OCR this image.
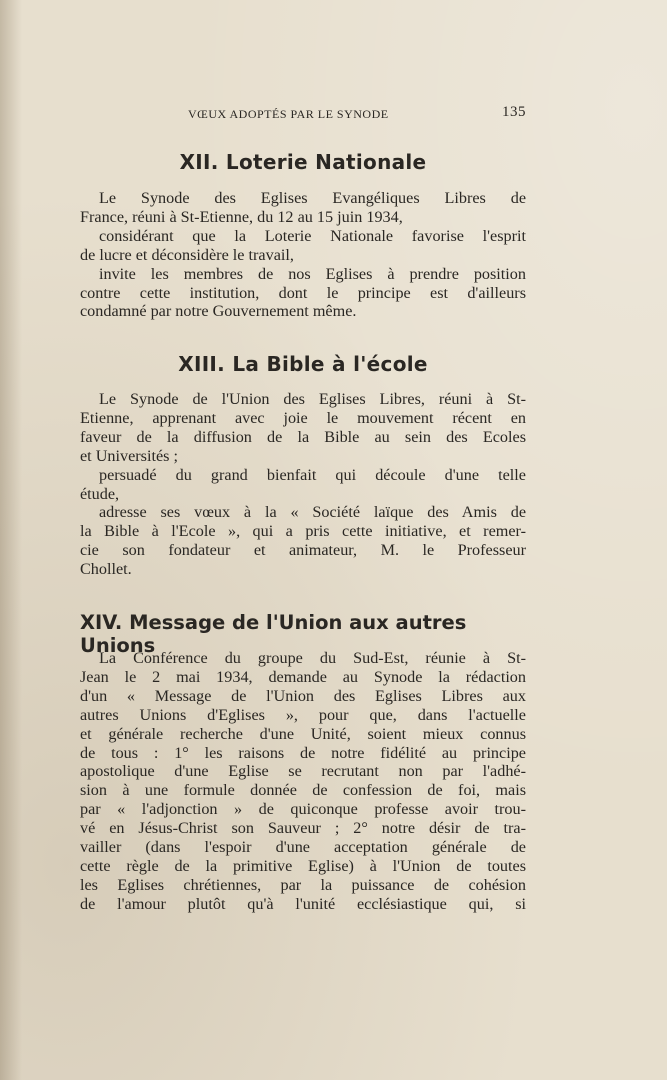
VŒUX ADOPTÉS PAR LE SYNODE	135
XII. Loterie Nationale
Le Synode des Eglises Evangéliques Libres de
France, réuni à St-Etienne, du 12 au 15 juin 1934,
considérant que la Loterie Nationale favorise l'esprit
de lucre et déconsidère le travail,
invite les membres de nos Eglises à prendre position
contre cette institution, dont le principe est d'ailleurs
condamné par notre Gouvernement même.
XIII. La Bible à l'école
Le Synode de l'Union des Eglises Libres, réuni à St-
Etienne, apprenant avec joie le mouvement récent en
faveur de la diffusion de la Bible au sein des Ecoles
et Universités ;
persuadé du grand bienfait qui découle d'une telle
étude,
adresse ses vœux à la « Société laïque des Amis de
la Bible à l'Ecole », qui a pris cette initiative, et remer-
cie son fondateur et animateur, M. le Professeur
Chollet.
XIV. Message de l'Union aux autres Unions
La Conférence du groupe du Sud-Est, réunie à St-
Jean le 2 mai 1934, demande au Synode la rédaction
d'un « Message de l'Union des Eglises Libres aux
autres Unions d'Eglises », pour que, dans l'actuelle
et générale recherche d'une Unité, soient mieux connus
de tous : 1° les raisons de notre fidélité au principe
apostolique d'une Eglise se recrutant non par l'adhé-
sion à une formule donnée de confession de foi, mais
par « l'adjonction » de quiconque professe avoir trou-
vé en Jésus-Christ son Sauveur ; 2° notre désir de tra-
vailler (dans l'espoir d'une acceptation générale de
cette règle de la primitive Eglise) à l'Union de toutes
les Eglises chrétiennes, par la puissance de cohésion
de l'amour plutôt qu'à l'unité ecclésiastique qui, si
